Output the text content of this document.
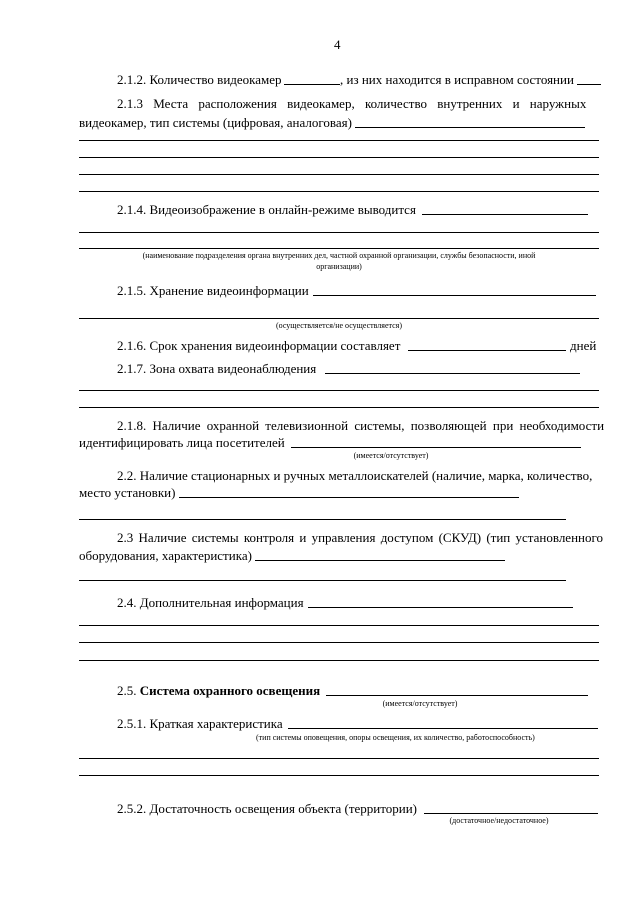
4
2.1.2. Количество видеокамер	, из них находится в исправном состоянии
2.1.3 Места расположения видеокамер, количество внутренних и наружных
видеокамер, тип системы (цифровая, аналоговая)
2.1.4. Видеоизображение в онлайн-режиме выводится
(наименование подразделения органа внутренних дел, частной охранной организации, службы безопасности, иной
организации)
2.1.5. Хранение видеоинформации
(осуществляется/не осуществляется)
2.1.6. Срок хранения видеоинформации составляет	дней
2.1.7. Зона охвата видеонаблюдения
2.1.8. Наличие охранной телевизионной системы, позволяющей при необходимости
идентифицировать лица посетителей
(имеется/отсутствует)
2.2. Наличие стационарных и ручных металлоискателей (наличие, марка, количество,
место установки)
2.3 Наличие системы контроля и управления доступом (СКУД) (тип установленного
оборудования, характеристика)
2.4. Дополнительная информация
2.5. Система охранного освещения
(имеется/отсутствует)
2.5.1. Краткая характеристика
(тип системы оповещения, опоры освещения, их количество, работоспособность)
2.5.2. Достаточность освещения объекта (территории)
(достаточное/недостаточное)
